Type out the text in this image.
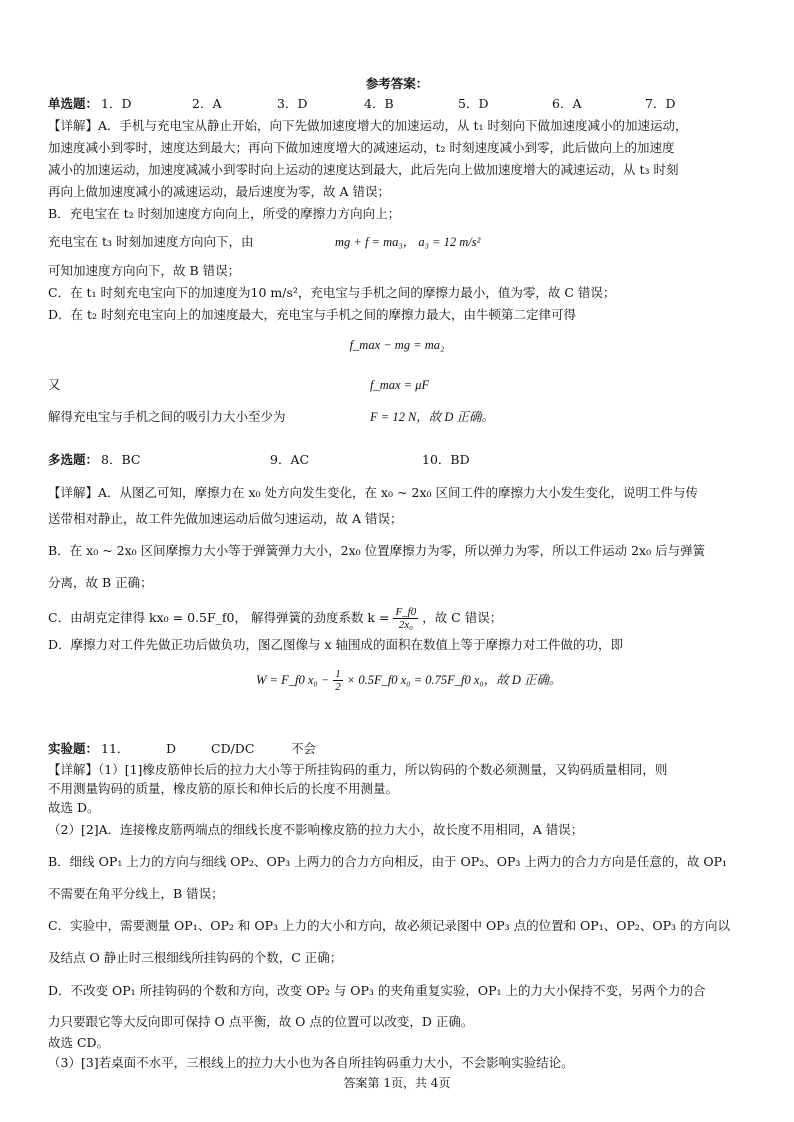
参考答案：
单选题： 1．D	2．A	3．D	4．B	5．D	6．A	7．D
【详解】A．手机与充电宝从静止开始，向下先做加速度增大的加速运动，从 t₁ 时刻向下做加速度减小的加速运动，
加速度减小到零时，速度达到最大；再向下做加速度增大的减速运动，t₂ 时刻速度减小到零，此后做向上的加速度
减小的加速运动，加速度减减小到零时向上运动的速度达到最大，此后先向上做加速度增大的减速运动，从 t₃ 时刻
再向上做加速度减小的减速运动，最后速度为零，故 A 错误；
B．充电宝在 t₂ 时刻加速度方向向上，所受的摩擦力方向向上；
充电宝在 t₃ 时刻加速度方向向下，由	mg + f = ma₃， a₃ = 12 m/s²
可知加速度方向向下，故 B 错误；
C．在 t₁ 时刻充电宝向下的加速度为10 m/s²，充电宝与手机之间的摩擦力最小，值为零，故 C 错误；
D．在 t₂ 时刻充电宝向上的加速度最大，充电宝与手机之间的摩擦力最大，由牛顿第二定律可得
f_max − mg = ma₂
又	f_max = μF
解得充电宝与手机之间的吸引力大小至少为	F = 12 N，故 D 正确。
多选题： 8．BC	9．AC	10．BD
【详解】A．从图乙可知，摩擦力在 x₀ 处方向发生变化，在 x₀ ~ 2x₀ 区间工件的摩擦力大小发生变化，说明工件与传
送带相对静止，故工件先做加速运动后做匀速运动，故 A 错误；
B．在 x₀ ~ 2x₀ 区间摩擦力大小等于弹簧弹力大小，2x₀ 位置摩擦力为零，所以弹力为零，所以工件运动 2x₀ 后与弹簧
分离，故 B 正确；
C．由胡克定律得 kx₀ = 0.5F_f0， 解得弹簧的劲度系数 $k = \frac{F\_f0}{\text{2x₀}}$ ，故 C 错误；
D．摩擦力对工件先做正功后做负功，图乙图像与 x 轴围成的面积在数值上等于摩擦力对工件做的功，即
W = F_f0 $x_0 - \frac{1}{2}$ × 0.5F_f0 x₀ = 0.75F_f0 x₀，故 D 正确。
实验题： 11．	D	CD/DC	不会
【详解】（1）[1]橡皮筋伸长后的拉力大小等于所挂钩码的重力，所以钩码的个数必须测量，又钩码质量相同，则
不用测量钩码的质量，橡皮筋的原长和伸长后的长度不用测量。
故选 D。
（2）[2]A．连接橡皮筋两端点的细线长度不影响橡皮筋的拉力大小，故长度不用相同，A 错误；
B．细线 OP₁ 上力的方向与细线 OP₂、OP₃ 上两力的合力方向相反，由于 OP₂、OP₃ 上两力的合力方向是任意的，故 OP₁
不需要在角平分线上，B 错误；
C．实验中，需要测量 OP₁、OP₂ 和 OP₃ 上力的大小和方向，故必须记录图中 OP₃ 点的位置和 OP₁、OP₂、OP₃ 的方向以
及结点 O 静止时三根细线所挂钩码的个数，C 正确；
D．不改变 OP₁ 所挂钩码的个数和方向，改变 OP₂ 与 OP₃ 的夹角重复实验，OP₁ 上的力大小保持不变，另两个力的合
力只要跟它等大反向即可保持 O 点平衡，故 O 点的位置可以改变，D 正确。
故选 CD。
（3）[3]若桌面不水平，三根线上的拉力大小也为各自所挂钩码重力大小，不会影响实验结论。
答案第 1页，共 4页
